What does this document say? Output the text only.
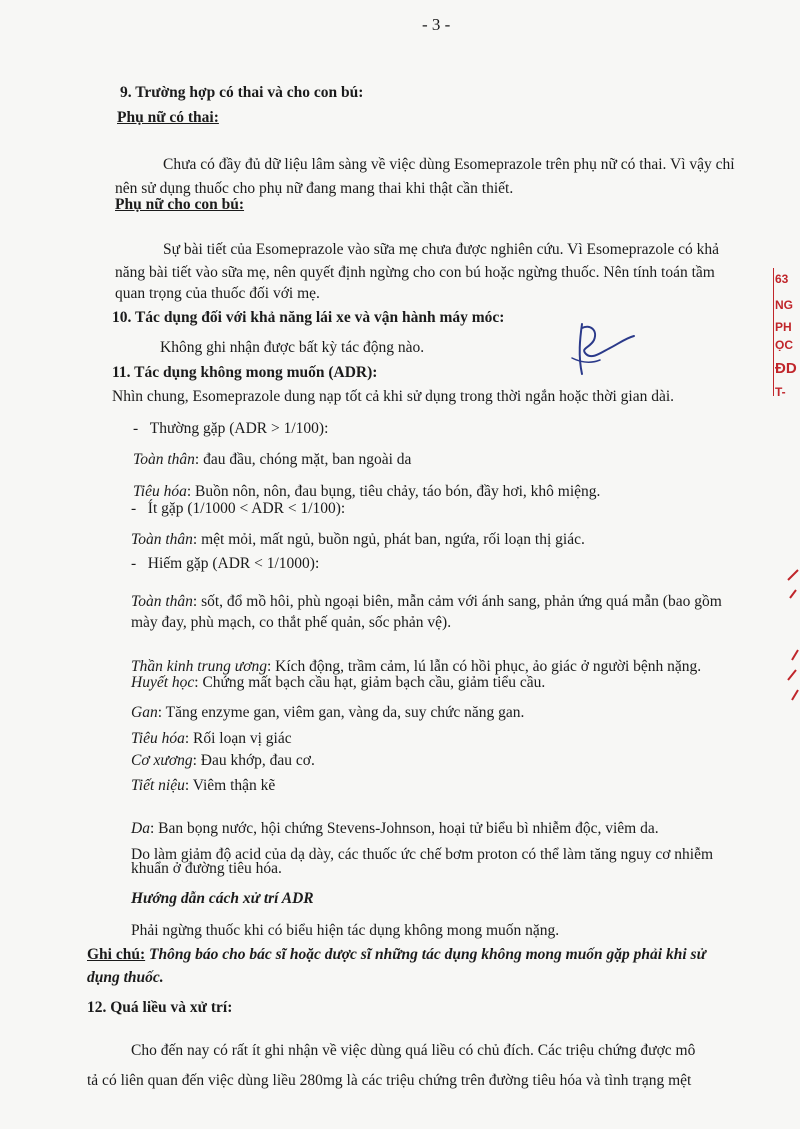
- 3 -
9. Trường hợp có thai và cho con bú:
Phụ nữ có thai:
Chưa có đầy đủ dữ liệu lâm sàng về việc dùng Esomeprazole trên phụ nữ có thai. Vì vậy chỉ
nên sử dụng thuốc cho phụ nữ đang mang thai khi thật cần thiết.
Phụ nữ cho con bú:
Sự bài tiết của Esomeprazole vào sữa mẹ chưa được nghiên cứu. Vì Esomeprazole có khả
năng bài tiết vào sữa mẹ, nên quyết định ngừng cho con bú hoặc ngừng thuốc. Nên tính toán tầm
quan trọng của thuốc đối với mẹ.
10. Tác dụng đối với khả năng lái xe và vận hành máy móc:
Không ghi nhận được bất kỳ tác động nào.
11. Tác dụng không mong muốn (ADR):
Nhìn chung, Esomeprazole dung nạp tốt cả khi sử dụng trong thời ngắn hoặc thời gian dài.
-   Thường gặp (ADR > 1/100):
Toàn thân: đau đầu, chóng mặt, ban ngoài da
Tiêu hóa: Buồn nôn, nôn, đau bụng, tiêu chảy, táo bón, đầy hơi, khô miệng.
-   Ít gặp (1/1000 < ADR < 1/100):
Toàn thân: mệt mỏi, mất ngủ, buồn ngủ, phát ban, ngứa, rối loạn thị giác.
-   Hiếm gặp (ADR < 1/1000):
Toàn thân: sốt, đổ mồ hôi, phù ngoại biên, mẫn cảm với ánh sang, phản ứng quá mẫn (bao gồm
mày đay, phù mạch, co thắt phế quản, sốc phản vệ).
Thần kinh trung ương: Kích động, trầm cảm, lú lẫn có hồi phục, ảo giác ở người bệnh nặng.
Huyết học: Chứng mất bạch cầu hạt, giảm bạch cầu, giảm tiểu cầu.
Gan: Tăng enzyme gan, viêm gan, vàng da, suy chức năng gan.
Tiêu hóa: Rối loạn vị giác
Cơ xương: Đau khớp, đau cơ.
Tiết niệu: Viêm thận kẽ
Da: Ban bọng nước, hội chứng Stevens-Johnson, hoại tử biểu bì nhiễm độc, viêm da.
Do làm giảm độ acid của dạ dày, các thuốc ức chế bơm proton có thể làm tăng nguy cơ nhiễm
khuẩn ở đường tiêu hóa.
Hướng dẫn cách xử trí ADR
Phải ngừng thuốc khi có biểu hiện tác dụng không mong muốn nặng.
Ghi chú: Thông báo cho bác sĩ hoặc dược sĩ những tác dụng không mong muốn gặp phải khi sử
dụng thuốc.
12. Quá liều và xử trí:
Cho đến nay có rất ít ghi nhận về việc dùng quá liều có chủ đích. Các triệu chứng được mô
tả có liên quan đến việc dùng liều 280mg là các triệu chứng trên đường tiêu hóa và tình trạng mệt
63
NG
PH
ỌC
ĐD
T-
